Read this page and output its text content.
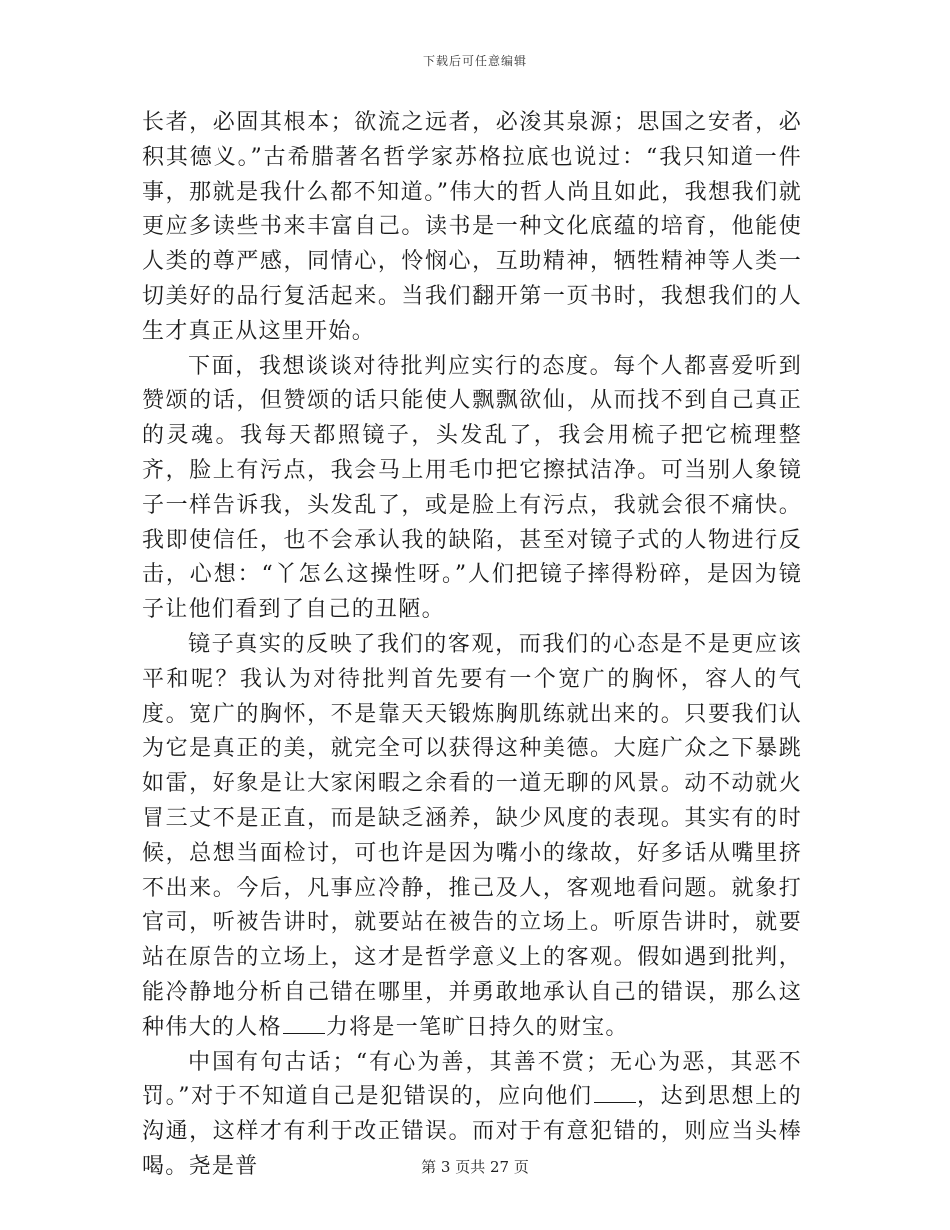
下载后可任意编辑

长者，必固其根本；欲流之远者，必浚其泉源；思国之安者，必积其德义。”古希腊著名哲学家苏格拉底也说过：“我只知道一件事，那就是我什么都不知道。”伟大的哲人尚且如此，我想我们就更应多读些书来丰富自己。读书是一种文化底蕴的培育，他能使人类的尊严感，同情心，怜悯心，互助精神，牺牲精神等人类一切美好的品行复活起来。当我们翻开第一页书时，我想我们的人生才真正从这里开始。

下面，我想谈谈对待批判应实行的态度。每个人都喜爱听到赞颂的话，但赞颂的话只能使人飘飘欲仙，从而找不到自己真正的灵魂。我每天都照镜子，头发乱了，我会用梳子把它梳理整齐，脸上有污点，我会马上用毛巾把它擦拭洁净。可当别人象镜子一样告诉我，头发乱了，或是脸上有污点，我就会很不痛快。我即使信任，也不会承认我的缺陷，甚至对镜子式的人物进行反击，心想：“丫怎么这操性呀。”人们把镜子摔得粉碎，是因为镜子让他们看到了自己的丑陋。

镜子真实的反映了我们的客观，而我们的心态是不是更应该平和呢？我认为对待批判首先要有一个宽广的胸怀，容人的气度。宽广的胸怀，不是靠天天锻炼胸肌练就出来的。只要我们认为它是真正的美，就完全可以获得这种美德。大庭广众之下暴跳如雷，好象是让大家闲暇之余看的一道无聊的风景。动不动就火冒三丈不是正直，而是缺乏涵养，缺少风度的表现。其实有的时候，总想当面检讨，可也许是因为嘴小的缘故，好多话从嘴里挤不出来。今后，凡事应冷静，推己及人，客观地看问题。就象打官司，听被告讲时，就要站在被告的立场上。听原告讲时，就要站在原告的立场上，这才是哲学意义上的客观。假如遇到批判，能冷静地分析自己错在哪里，并勇敢地承认自己的错误，那么这种伟大的人格 力将是一笔旷日持久的财宝。

中国有句古话；“有心为善，其善不赏；无心为恶，其恶不罚。”对于不知道自己是犯错误的，应向他们 ，达到思想上的沟通，这样才有利于改正错误。而对于有意犯错的，则应当头棒喝。尧是普	第 3 页共 27 页
